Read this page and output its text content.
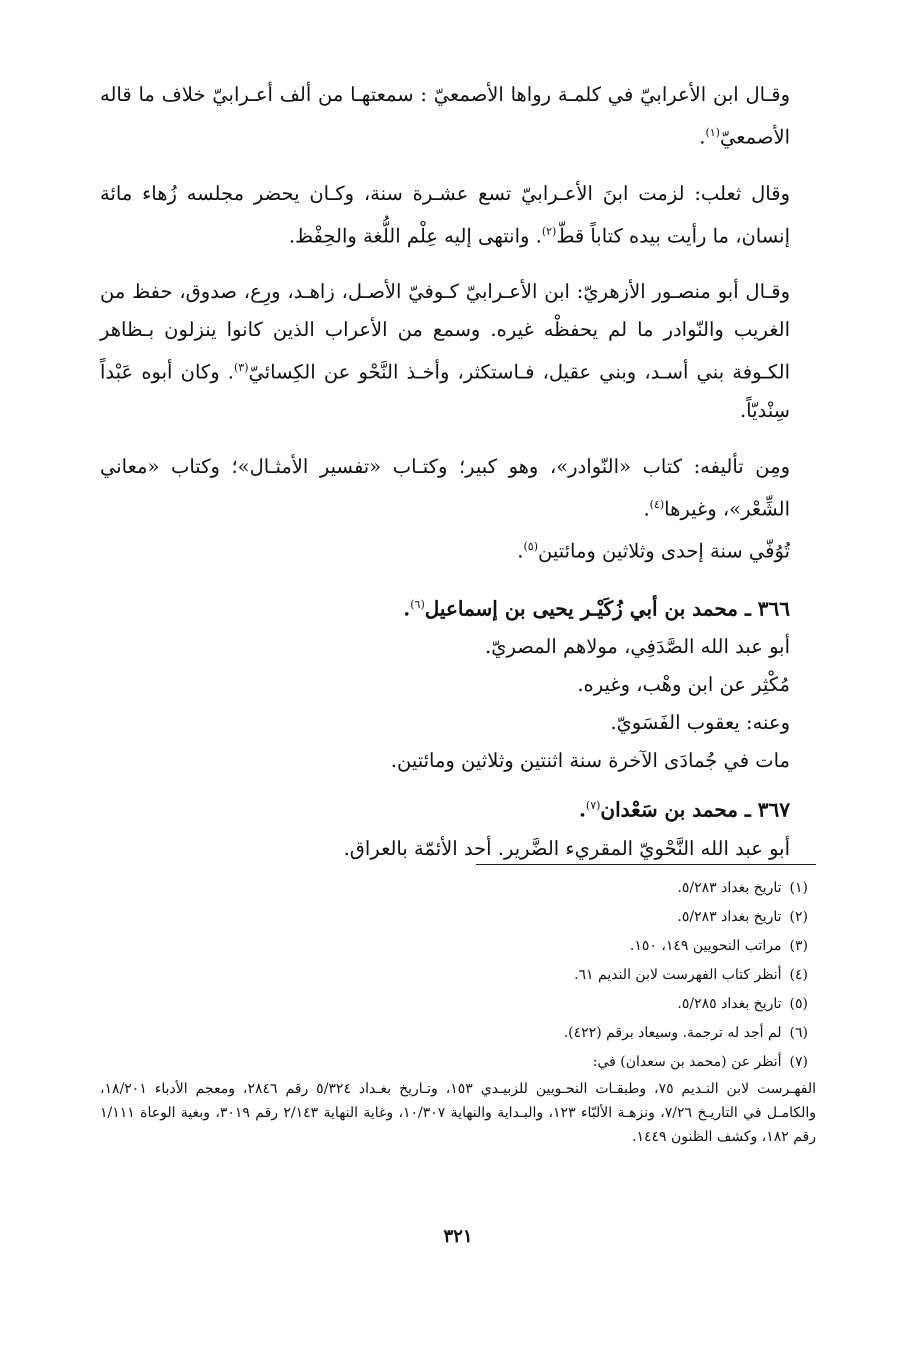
وقـال ابن الأعرابيّ في كلمـة رواها الأصمعيّ : سمعتهـا من ألف أعـرابيّ خلاف ما قاله الأصمعيّ$^{(١)}$.

وقال ثعلب: لزمت ابنَ الأعـرابيّ تسع عشـرة سنة، وكـان يحضر مجلسه زُهاء مائة إنسان، ما رأيت بيده كتاباً قطّ$^{(٢)}$. وانتهى إليه عِلْم اللُّغة والحِفْظ.

وقـال أبو منصـور الأزهريّ: ابن الأعـرابيّ كـوفيّ الأصـل، زاهـد، ورِع، صدوق، حفظ من الغريب والنّوادر ما لم يحفظْه غيره. وسمع من الأعراب الذين كانوا ينزلون بـظاهر الكـوفة بني أسـد، وبني عقيل، فـاستكثر، وأخـذ النَّحْو عن الكِسائيّ$^{(٣)}$. وكان أبوه عَبْداً سِنْديّاً.

ومِن تأليفه: كتاب «النّوادر»، وهو كبير؛ وكتـاب «تفسير الأمثـال»؛ وكتاب «معاني الشِّعْر»، وغيرها$^{(٤)}$.

تُوُفّي سنة إحدى وثلاثين ومائتين$^{(٥)}$.

٣٦٦ ـ محمد بن أبي زُكَيْـر يحيى بن إسماعيل$^{(٦)}$.

أبو عبد الله الصَّدَفِي، مولاهم المصريّ.

مُكْثِر عن ابن وهْب، وغيره.

وعنه: يعقوب الفَسَويّ.

مات في جُمادَى الآخرة سنة اثنتين وثلاثين ومائتين.

٣٦٧ ـ محمد بن سَعْدان$^{(٧)}$.

أبو عبد الله النَّحْويّ المقريء الضَّرير. أحد الأئمّة بالعراق.

(١)تاريخ بغداد ٥/٢٨٣.

(٢)تاريخ بغداد ٥/٢٨٣.

(٣)مراتب النحويين ١٤٩، ١٥٠.

(٤)أنظر كتاب الفهرست لابن النديم ٦١.

(٥)تاريخ بغداد ٥/٢٨٥.

(٦)لم أجد له ترجمة. وسيعاد برقم (٤٢٢).

(٧)أنظر عن (محمد بن سعدان) في:

الفهـرست لابن النـديم ٧٥، وطبقـات النحـويين للزبيـدي ١٥٣، وتـاريخ بغـداد ٥/٣٢٤ رقم ٢٨٤٦، ومعجم الأدباء ١٨/٢٠١، والكامـل في التاريـخ ٧/٢٦، ونزهـة الألبّاء ١٢٣، والبـداية والنهاية ١٠/٣٠٧، وغاية النهاية ٢/١٤٣ رقم ٣٠١٩، وبغية الوعاة ١/١١١ رقم ١٨٢، وكشف الظنون ١٤٤٩.

٣٢١
